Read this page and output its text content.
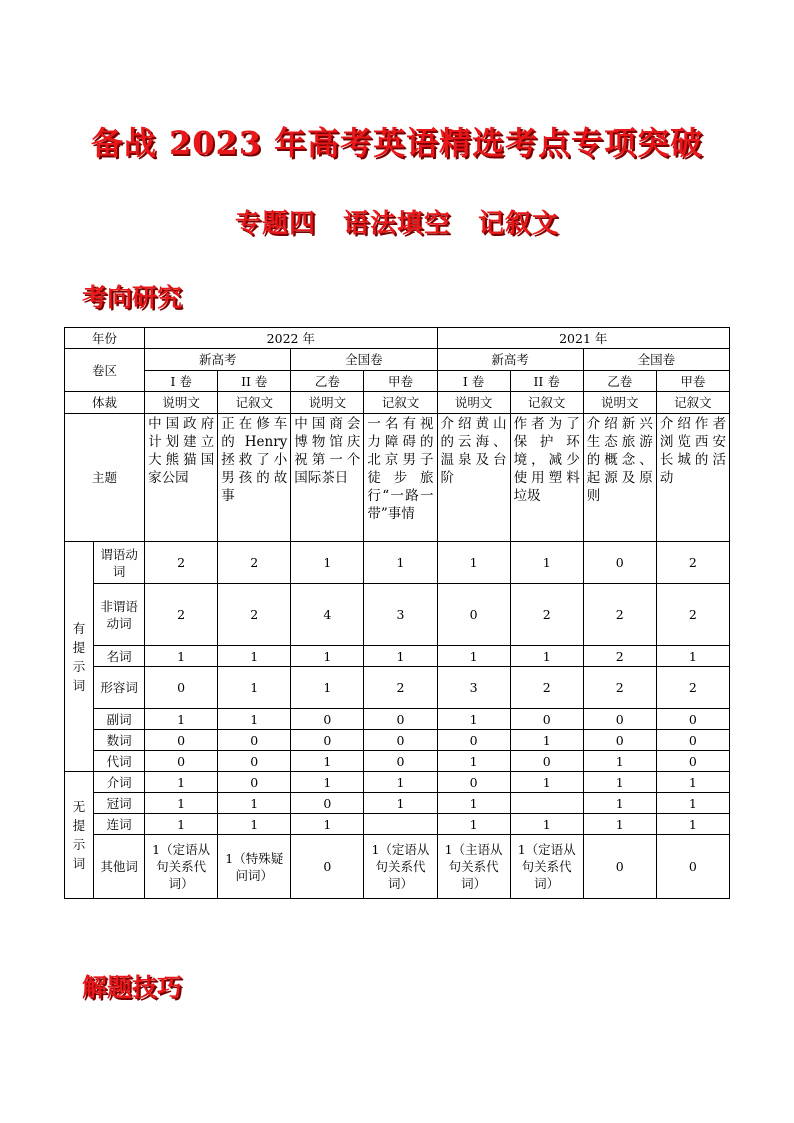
备战 2023 年高考英语精选考点专项突破
专题四　语法填空　记叙文
考向研究
年份		2022 年				2021 年			
卷区		新高考		全国卷		新高考		全国卷	
		I 卷	II 卷	乙卷	甲卷	I 卷	II 卷	乙卷	甲卷
体裁		说明文	记叙文	说明文	记叙文	说明文	记叙文	说明文	记叙文
主题		中国政府计划建立大熊猫国家公园	正在修车的 Henry 拯救了小男孩的故事	中国商会博物馆庆祝第一个国际茶日	一名有视力障碍的北京男子徒步旅行“一路一带”事情	介绍黄山的云海、温泉及台阶	作者为了保护环境，减少使用塑料垃圾	介绍新兴生态旅游的概念、起源及原则	介绍作者浏览西安长城的活动
有提示词	谓语动词	2	2	1	1	1	1	0	2
	非谓语动词	2	2	4	3	0	2	2	2
	名词	1	1	1	1	1	1	2	1
	形容词	0	1	1	2	3	2	2	2
	副词	1	1	0	0	1	0	0	0
	数词	0	0	0	0	0	1	0	0
	代词	0	0	1	0	1	0	1	0
无提示词	介词	1	0	1	1	0	1	1	1
	冠词	1	1	0	1	1		1	1
	连词	1	1	1		1	1	1	1
	其他词	1（定语从句关系代词）	1（特殊疑问词）	0	1（定语从句关系代词）	1（主语从句关系代词）	1（定语从句关系代词）	0	0
解题技巧
